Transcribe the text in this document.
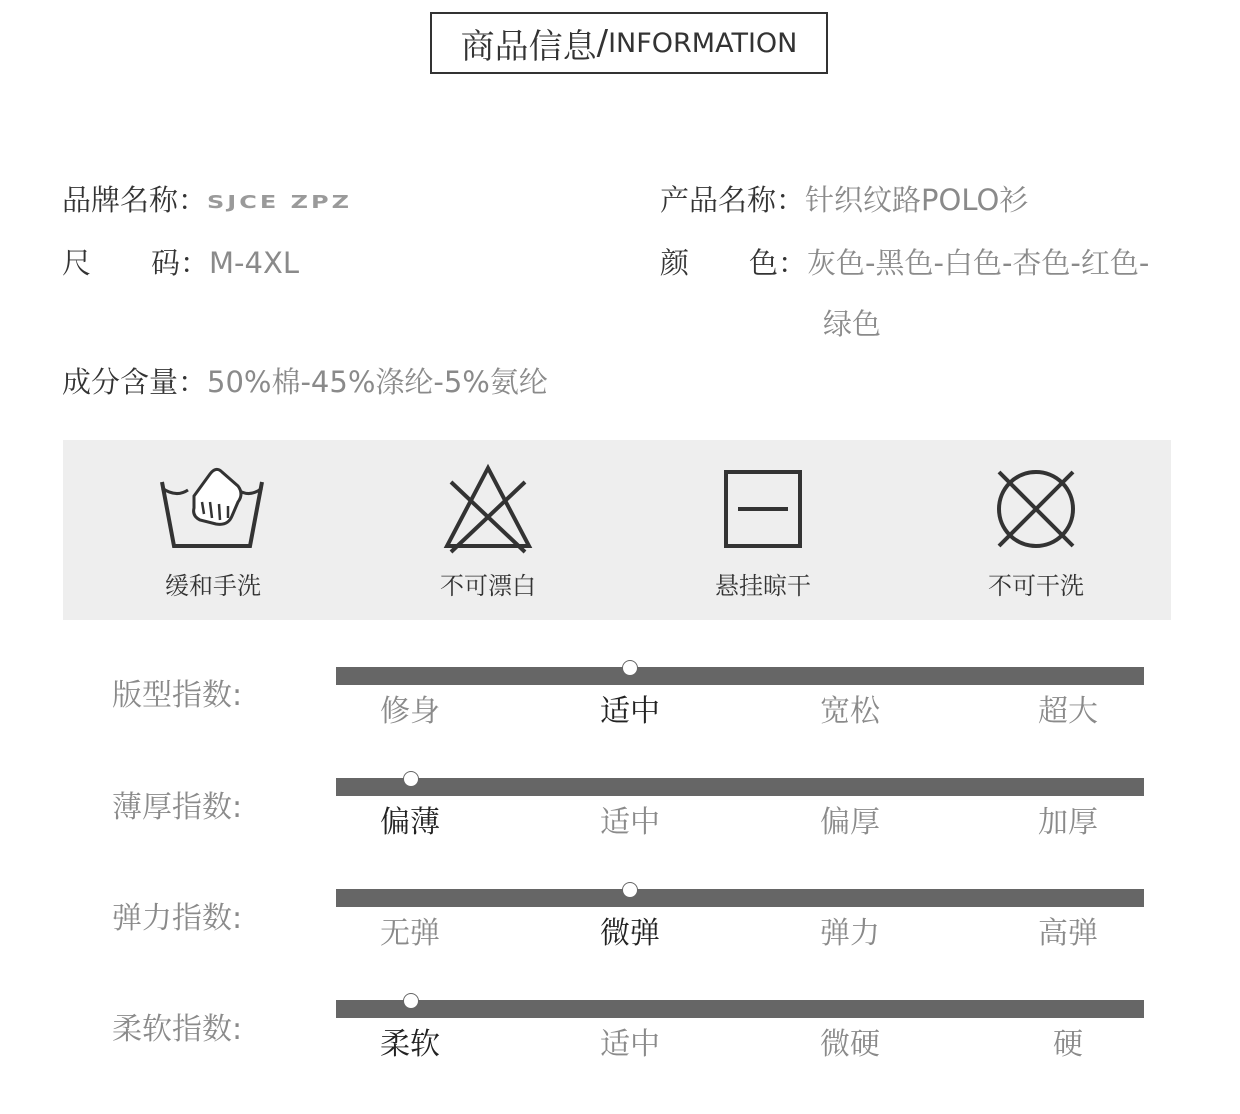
商品信息 / INFORMATION
品牌名称：SJCE ZPZ	产品名称：针织纹路POLO衫
尺 码：M-4XL	颜 色：灰色-黑色-白色-杏色-红色-
绿色
成分含量：50%棉-45%涤纶-5%氨纶
缓和手洗	不可漂白	悬挂晾干	不可干洗
版型指数:	修身	适中	宽松	超大
薄厚指数:	偏薄	适中	偏厚	加厚
弹力指数:	无弹	微弹	弹力	高弹
柔软指数:	柔软	适中	微硬	硬
